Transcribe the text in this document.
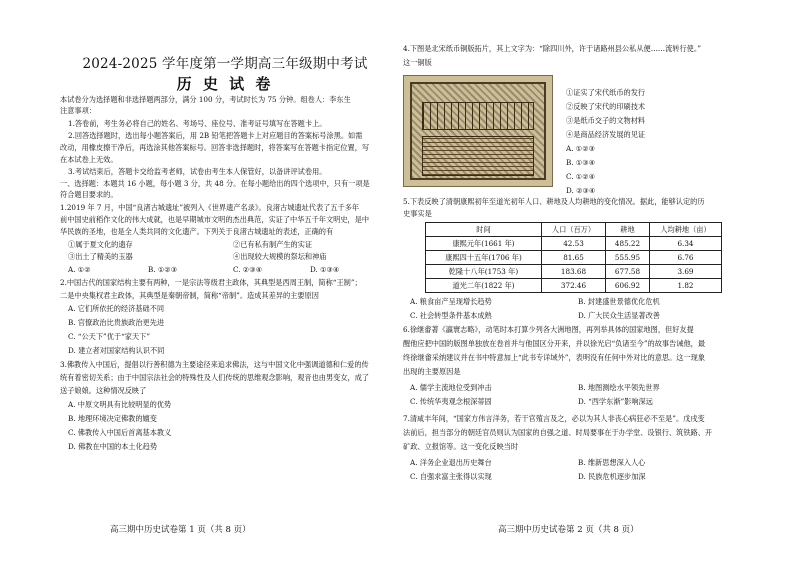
2024-2025 学年度第一学期高三年级期中考试
历 史 试 卷
本试卷分为选择题和非选择题两部分，满分 100 分，考试时长为 75 分钟。组卷人：李东生
注意事项：
1.答卷前，考生务必将自己的姓名、考场号、座位号、准考证号填写在答题卡上。
2.回答选择题时，选出每小题答案后，用 2B 铅笔把答题卡上对应题目的答案标号涂黑。如需
改动，用橡皮擦干净后，再选涂其他答案标号。回答非选择题时，将答案写在答题卡指定位置，写
在本试卷上无效。
3.考试结束后，答题卡交给监考老师，试卷由考生本人保管好，以备讲评试卷用。
一、选择题：本题共 16 小题，每小题 3 分，共 48 分。在每小题给出的四个选项中，只有一项是
符合题目要求的。
1.2019 年 7 月，中国“良渚古城遗址”被列入《世界遗产名录》。良渚古城遗址代表了五千多年
前中国史前稻作文化的伟大成就，也是早期城市文明的杰出典范，实证了中华五千年文明史，是中
华民族的圣地，也是全人类共同的文化遗产。下列关于良渚古城遗址的表述，正确的有
①属于夏文化的遗存	②已有私有制产生的实证
③出土了精美的玉器	④出现较大规模的祭坛和神庙
A. ①②	B. ①②③	C. ②③④	D. ①③④
2.中国古代的国家结构主要有两种，一是宗法等级君主政体，其典型是西周王制，简称“王制”；
二是中央集权君主政体，其典型是秦朝帝制，简称“帝制”。造成其差异的主要原因
A. 它们所依托的经济基础不同
B. 官僚政治比贵族政治更先进
C. “公天下”优于“家天下”
D. 建立者对国家结构认识不同
3.佛教传入中国后，提倡以行善积德为主要途径来追求佛法，这与中国文化中强调道德和仁爱的传
统有着密切关系；由于中国宗法社会的特殊性及人们传统的思维观念影响，观音也由男变女，成了
送子娘娘。这种情况反映了
A. 中原文明具有比较明显的优势
B. 地理环境决定佛教的嬗变
C. 佛教传入中国后首离基本教义
D. 佛教在中国的本土化趋势
高三期中历史试卷第 1 页（共 8 页）
4.下图是北宋纸币铜版拓片，其上文字为：“除四川外，许于诸路州县公私从便……流转行使。”
这一铜版
①证实了宋代纸币的发行
②反映了宋代的印刷技术
③是纸币交子的文物材料
④是商品经济发展的见证
A. ①②③
B. ①③④
C. ①②④
D. ②③④
5.下表反映了清朝康熙初年至道光初年人口、耕地及人均耕地的变化情况。据此，能够认定的历
史事实是
时间	人口（百万）	耕地	人均耕地（亩）
康熙元年(1661 年)	42.53	485.22	6.34
康熙四十五年(1706 年)	81.65	555.95	6.76
乾隆十八年(1753 年)	183.68	677.58	3.69
道光二年(1822 年)	372.46	606.92	1.82
A. 粮食亩产呈现增长趋势	B. 封建盛世景德优化危机
C. 社会转型条件基本成熟	D. 广大民众生活显著改善
6.徐继畬著《瀛寰志略》，动笔时本打算少列各大洲地图，再列举具体的国家地图，但好友提
醒他应把中国的版图单独放在卷首并与他国区分开来，并以徐光启“负诸至今”的故事告诫他，最
终徐继畬采纳建议并在书中特意加上“此书专详域外”，表明没有任何中外对比的意思。这一现象
出现的主要原因是
A. 儒学主流地位受到冲击	B. 地图测绘水平领先世界
C. 传统华夷观念根深蒂固	D. “西学东渐”影响深远
7.清咸丰年间，“国家方伟言洋务，若干官殖言及之，必以为其人非丧心病狂必不至是”。戊戌变
法前后，担当部分的朝廷官员则认为国家的自强之道、时局要事在于办学堂、设银行、筑铁路、开
矿政、立报馆等。这一变化反映当时
A. 洋务企业退出历史舞台	B. 维新思想深入人心
C. 自强求富主张得以实现	D. 民族危机逐步加深
高三期中历史试卷第 2 页（共 8 页）
